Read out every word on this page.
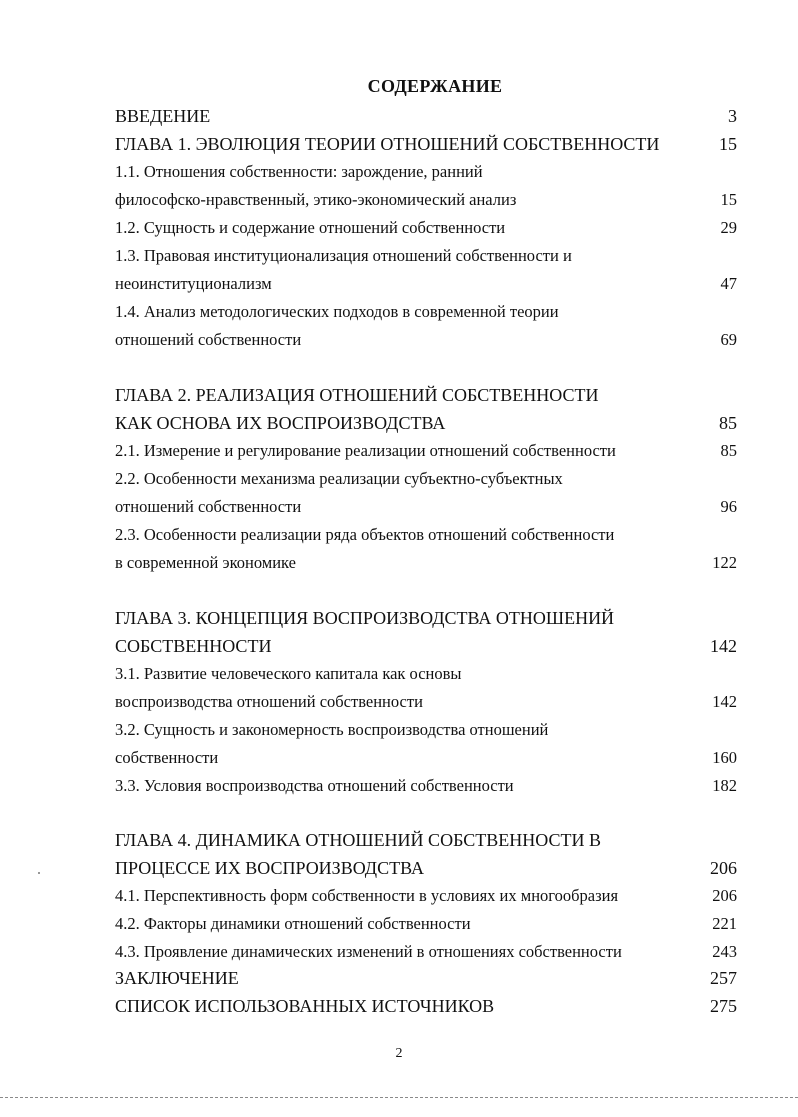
СОДЕРЖАНИЕ
ВВЕДЕНИЕ	3
ГЛАВА 1. ЭВОЛЮЦИЯ ТЕОРИИ ОТНОШЕНИЙ СОБСТВЕННОСТИ	15
1.1. Отношения собственности: зарождение, ранний
философско-нравственный, этико-экономический анализ	15
1.2. Сущность и содержание отношений собственности	29
1.3. Правовая институционализация отношений собственности и
неоинституционализм	47
1.4. Анализ методологических подходов в современной теории
отношений собственности	69
ГЛАВА 2. РЕАЛИЗАЦИЯ ОТНОШЕНИЙ СОБСТВЕННОСТИ
КАК ОСНОВА ИХ ВОСПРОИЗВОДСТВА	85
2.1. Измерение и регулирование реализации отношений собственности	85
2.2. Особенности механизма реализации субъектно-субъектных
отношений собственности	96
2.3. Особенности реализации ряда объектов отношений собственности
в современной экономике	122
ГЛАВА 3. КОНЦЕПЦИЯ ВОСПРОИЗВОДСТВА ОТНОШЕНИЙ
СОБСТВЕННОСТИ	142
3.1. Развитие человеческого капитала как основы
воспроизводства отношений собственности	142
3.2. Сущность и закономерность воспроизводства отношений
собственности	160
3.3. Условия воспроизводства отношений собственности	182
ГЛАВА 4. ДИНАМИКА ОТНОШЕНИЙ СОБСТВЕННОСТИ В
ПРОЦЕССЕ ИХ ВОСПРОИЗВОДСТВА	206
4.1. Перспективность форм собственности в условиях их многообразия	206
4.2. Факторы динамики отношений собственности	221
4.3. Проявление динамических изменений в отношениях собственности	243
ЗАКЛЮЧЕНИЕ	257
СПИСОК ИСПОЛЬЗОВАННЫХ ИСТОЧНИКОВ	275
2
